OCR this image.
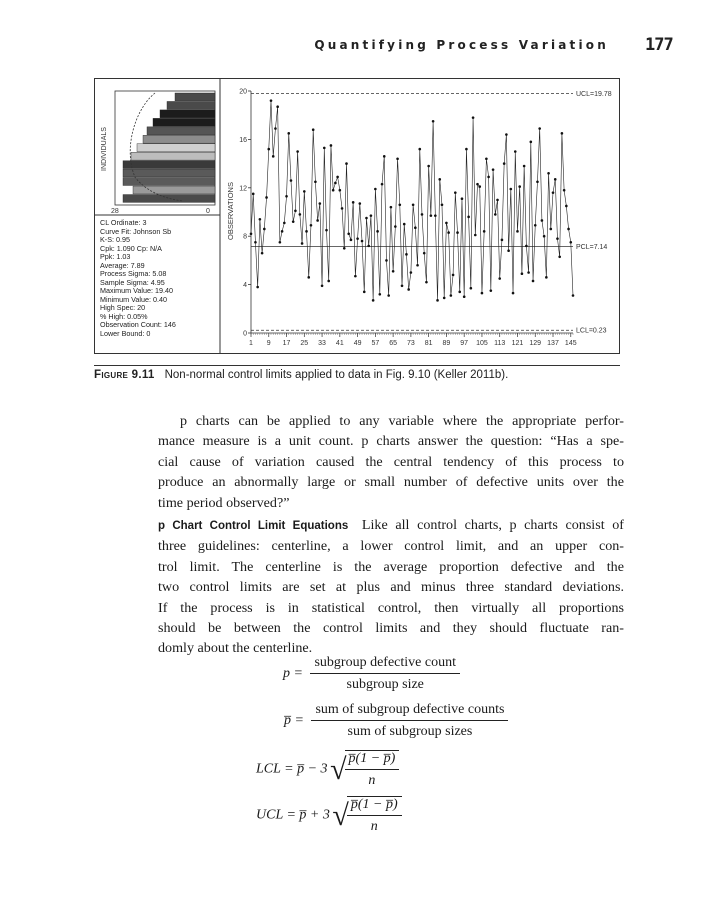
Quantifying Process Variation 177
INDIVIDUALS
28	0 OBSERVATIONS
UCL=19.78
PCL=7.14
LCL=0.23
0
4
8
12
16
20
1 9 17 25 33 41 49 57 65 73 81 89 97 105 113 121 129 137 145
CL Ordinate: 3
Curve Fit: Johnson Sb
K-S: 0.95
Cpk: 1.090 Cp: N/A
Ppk: 1.03
Average: 7.89
Process Sigma: 5.08
Sample Sigma: 4.95
Maximum Value: 19.40
Minimum Value: 0.40
High Spec: 20
% High: 0.05%
Observation Count: 146
Lower Bound: 0
Figure 9.11 Non-normal control limits applied to data in Fig. 9.10 (Keller 2011b).
p charts can be applied to any variable where the appropriate perfor-
mance measure is a unit count. p charts answer the question: “Has a spe-
cial cause of variation caused the central tendency of this process to
produce an abnormally large or small number of defective units over the
time period observed?”
p Chart Control Limit Equations Like all control charts, p charts consist of
three guidelines: centerline, a lower control limit, and an upper con-
trol limit. The centerline is the average proportion defective and the
two control limits are set at plus and minus three standard deviations.
If the process is in statistical control, then virtually all proportions
should be between the control limits and they should fluctuate ran-
domly about the centerline.
$p = \frac{\text{subgroup defective count}}{\text{subgroup size}}$
p̅ = $\frac{\text{sum of subgroup defective counts}}{\text{sum of subgroup sizes}}$
LCL = p̅ − 3 √
$\frac{p̅(1 - p̅)}{n}$
UCL = p̅ + 3 √
$\frac{p̅(1 - p̅)}{n}$
